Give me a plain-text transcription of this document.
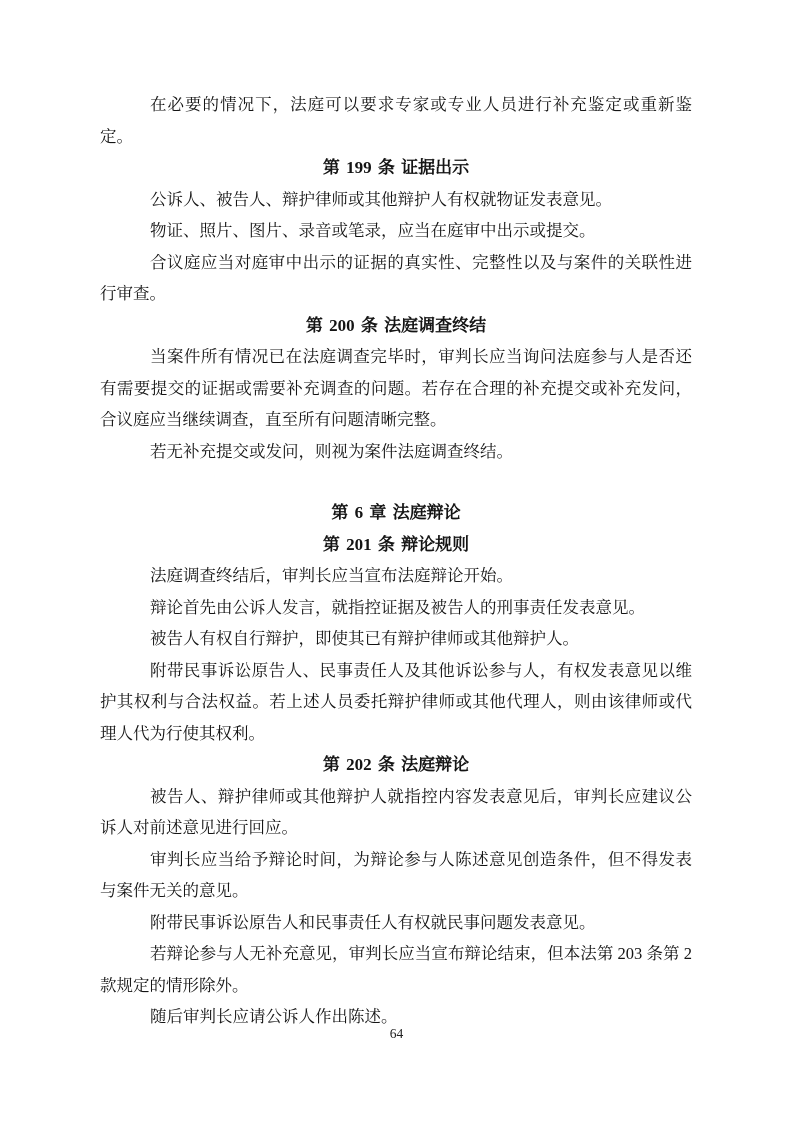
在必要的情况下，法庭可以要求专家或专业人员进行补充鉴定或重新鉴定。

第 199 条 证据出示

公诉人、被告人、辩护律师或其他辩护人有权就物证发表意见。

物证、照片、图片、录音或笔录，应当在庭审中出示或提交。

合议庭应当对庭审中出示的证据的真实性、完整性以及与案件的关联性进行审查。

第 200 条 法庭调查终结

当案件所有情况已在法庭调查完毕时，审判长应当询问法庭参与人是否还有需要提交的证据或需要补充调查的问题。若存在合理的补充提交或补充发问，合议庭应当继续调查，直至所有问题清晰完整。

若无补充提交或发问，则视为案件法庭调查终结。

第 6 章 法庭辩论
第 201 条 辩论规则

法庭调查终结后，审判长应当宣布法庭辩论开始。

辩论首先由公诉人发言，就指控证据及被告人的刑事责任发表意见。

被告人有权自行辩护，即使其已有辩护律师或其他辩护人。

附带民事诉讼原告人、民事责任人及其他诉讼参与人，有权发表意见以维护其权利与合法权益。若上述人员委托辩护律师或其他代理人，则由该律师或代理人代为行使其权利。

第 202 条 法庭辩论

被告人、辩护律师或其他辩护人就指控内容发表意见后，审判长应建议公诉人对前述意见进行回应。

审判长应当给予辩论时间，为辩论参与人陈述意见创造条件，但不得发表与案件无关的意见。

附带民事诉讼原告人和民事责任人有权就民事问题发表意见。

若辩论参与人无补充意见，审判长应当宣布辩论结束，但本法第 203 条第 2 款规定的情形除外。

随后审判长应请公诉人作出陈述。

64
